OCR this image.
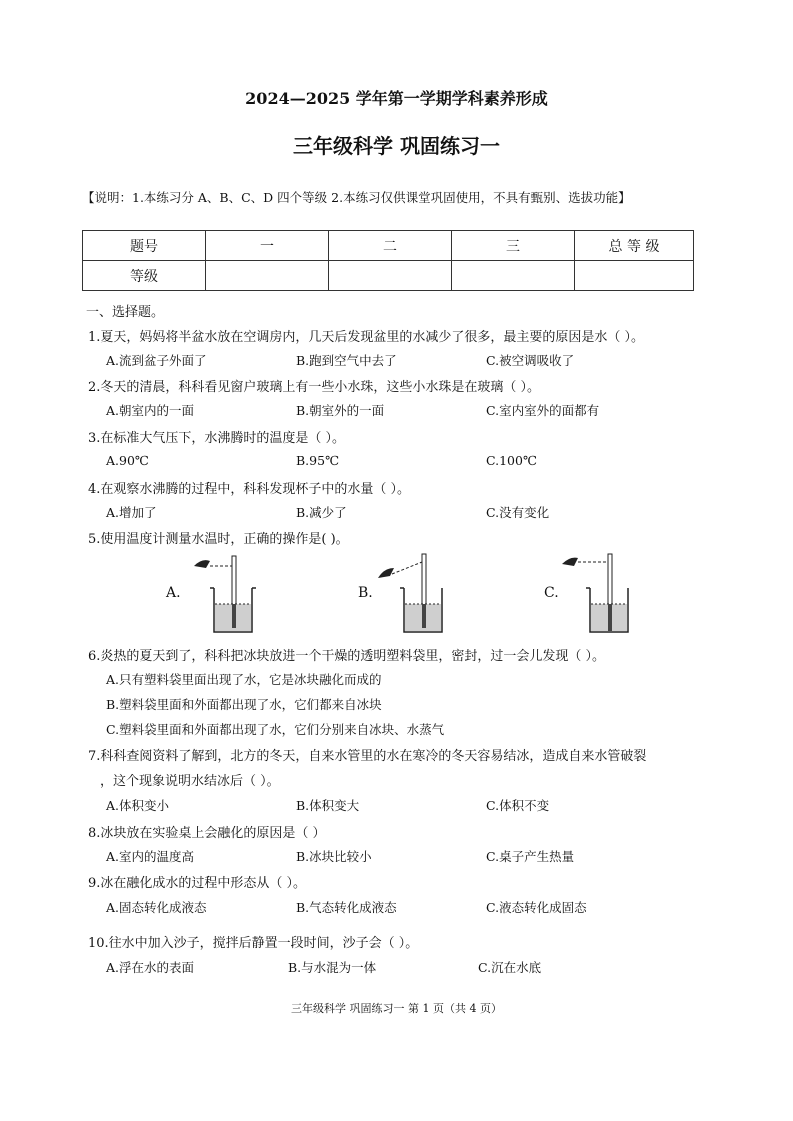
2024—2025 学年第一学期学科素养形成
三年级科学 巩固练习一
【说明：1.本练习分 A、B、C、D 四个等级 2.本练习仅供课堂巩固使用，不具有甄别、选拔功能】
题号	一	二	三	总 等 级
等级				
一、选择题。
1.夏天，妈妈将半盆水放在空调房内，几天后发现盆里的水减少了很多，最主要的原因是水（ ）。
A.流到盆子外面了	B.跑到空气中去了	C.被空调吸收了
2.冬天的清晨，科科看见窗户玻璃上有一些小水珠，这些小水珠是在玻璃（ ）。
A.朝室内的一面	B.朝室外的一面	C.室内室外的面都有
3.在标准大气压下，水沸腾时的温度是（ ）。
A.90℃	B.95℃	C.100℃
4.在观察水沸腾的过程中，科科发现杯子中的水量（ ）。
A.增加了	B.减少了	C.没有变化
5.使用温度计测量水温时，正确的操作是( )。
A.	B.	C.
6.炎热的夏天到了，科科把冰块放进一个干燥的透明塑料袋里，密封，过一会儿发现（ ）。
A.只有塑料袋里面出现了水，它是冰块融化而成的
B.塑料袋里面和外面都出现了水，它们都来自冰块
C.塑料袋里面和外面都出现了水，它们分别来自冰块、水蒸气
7.科科查阅资料了解到，北方的冬天，自来水管里的水在寒冷的冬天容易结冰，造成自来水管破裂
，这个现象说明水结冰后（ ）。
A.体积变小	B.体积变大	C.体积不变
8.冰块放在实验桌上会融化的原因是（ ）
A.室内的温度高	B.冰块比较小	C.桌子产生热量
9.冰在融化成水的过程中形态从（ ）。
A.固态转化成液态	B.气态转化成液态	C.液态转化成固态
10.往水中加入沙子，搅拌后静置一段时间，沙子会（ ）。
A.浮在水的表面	B.与水混为一体	C.沉在水底
三年级科学 巩固练习一 第 1 页（共 4 页）
